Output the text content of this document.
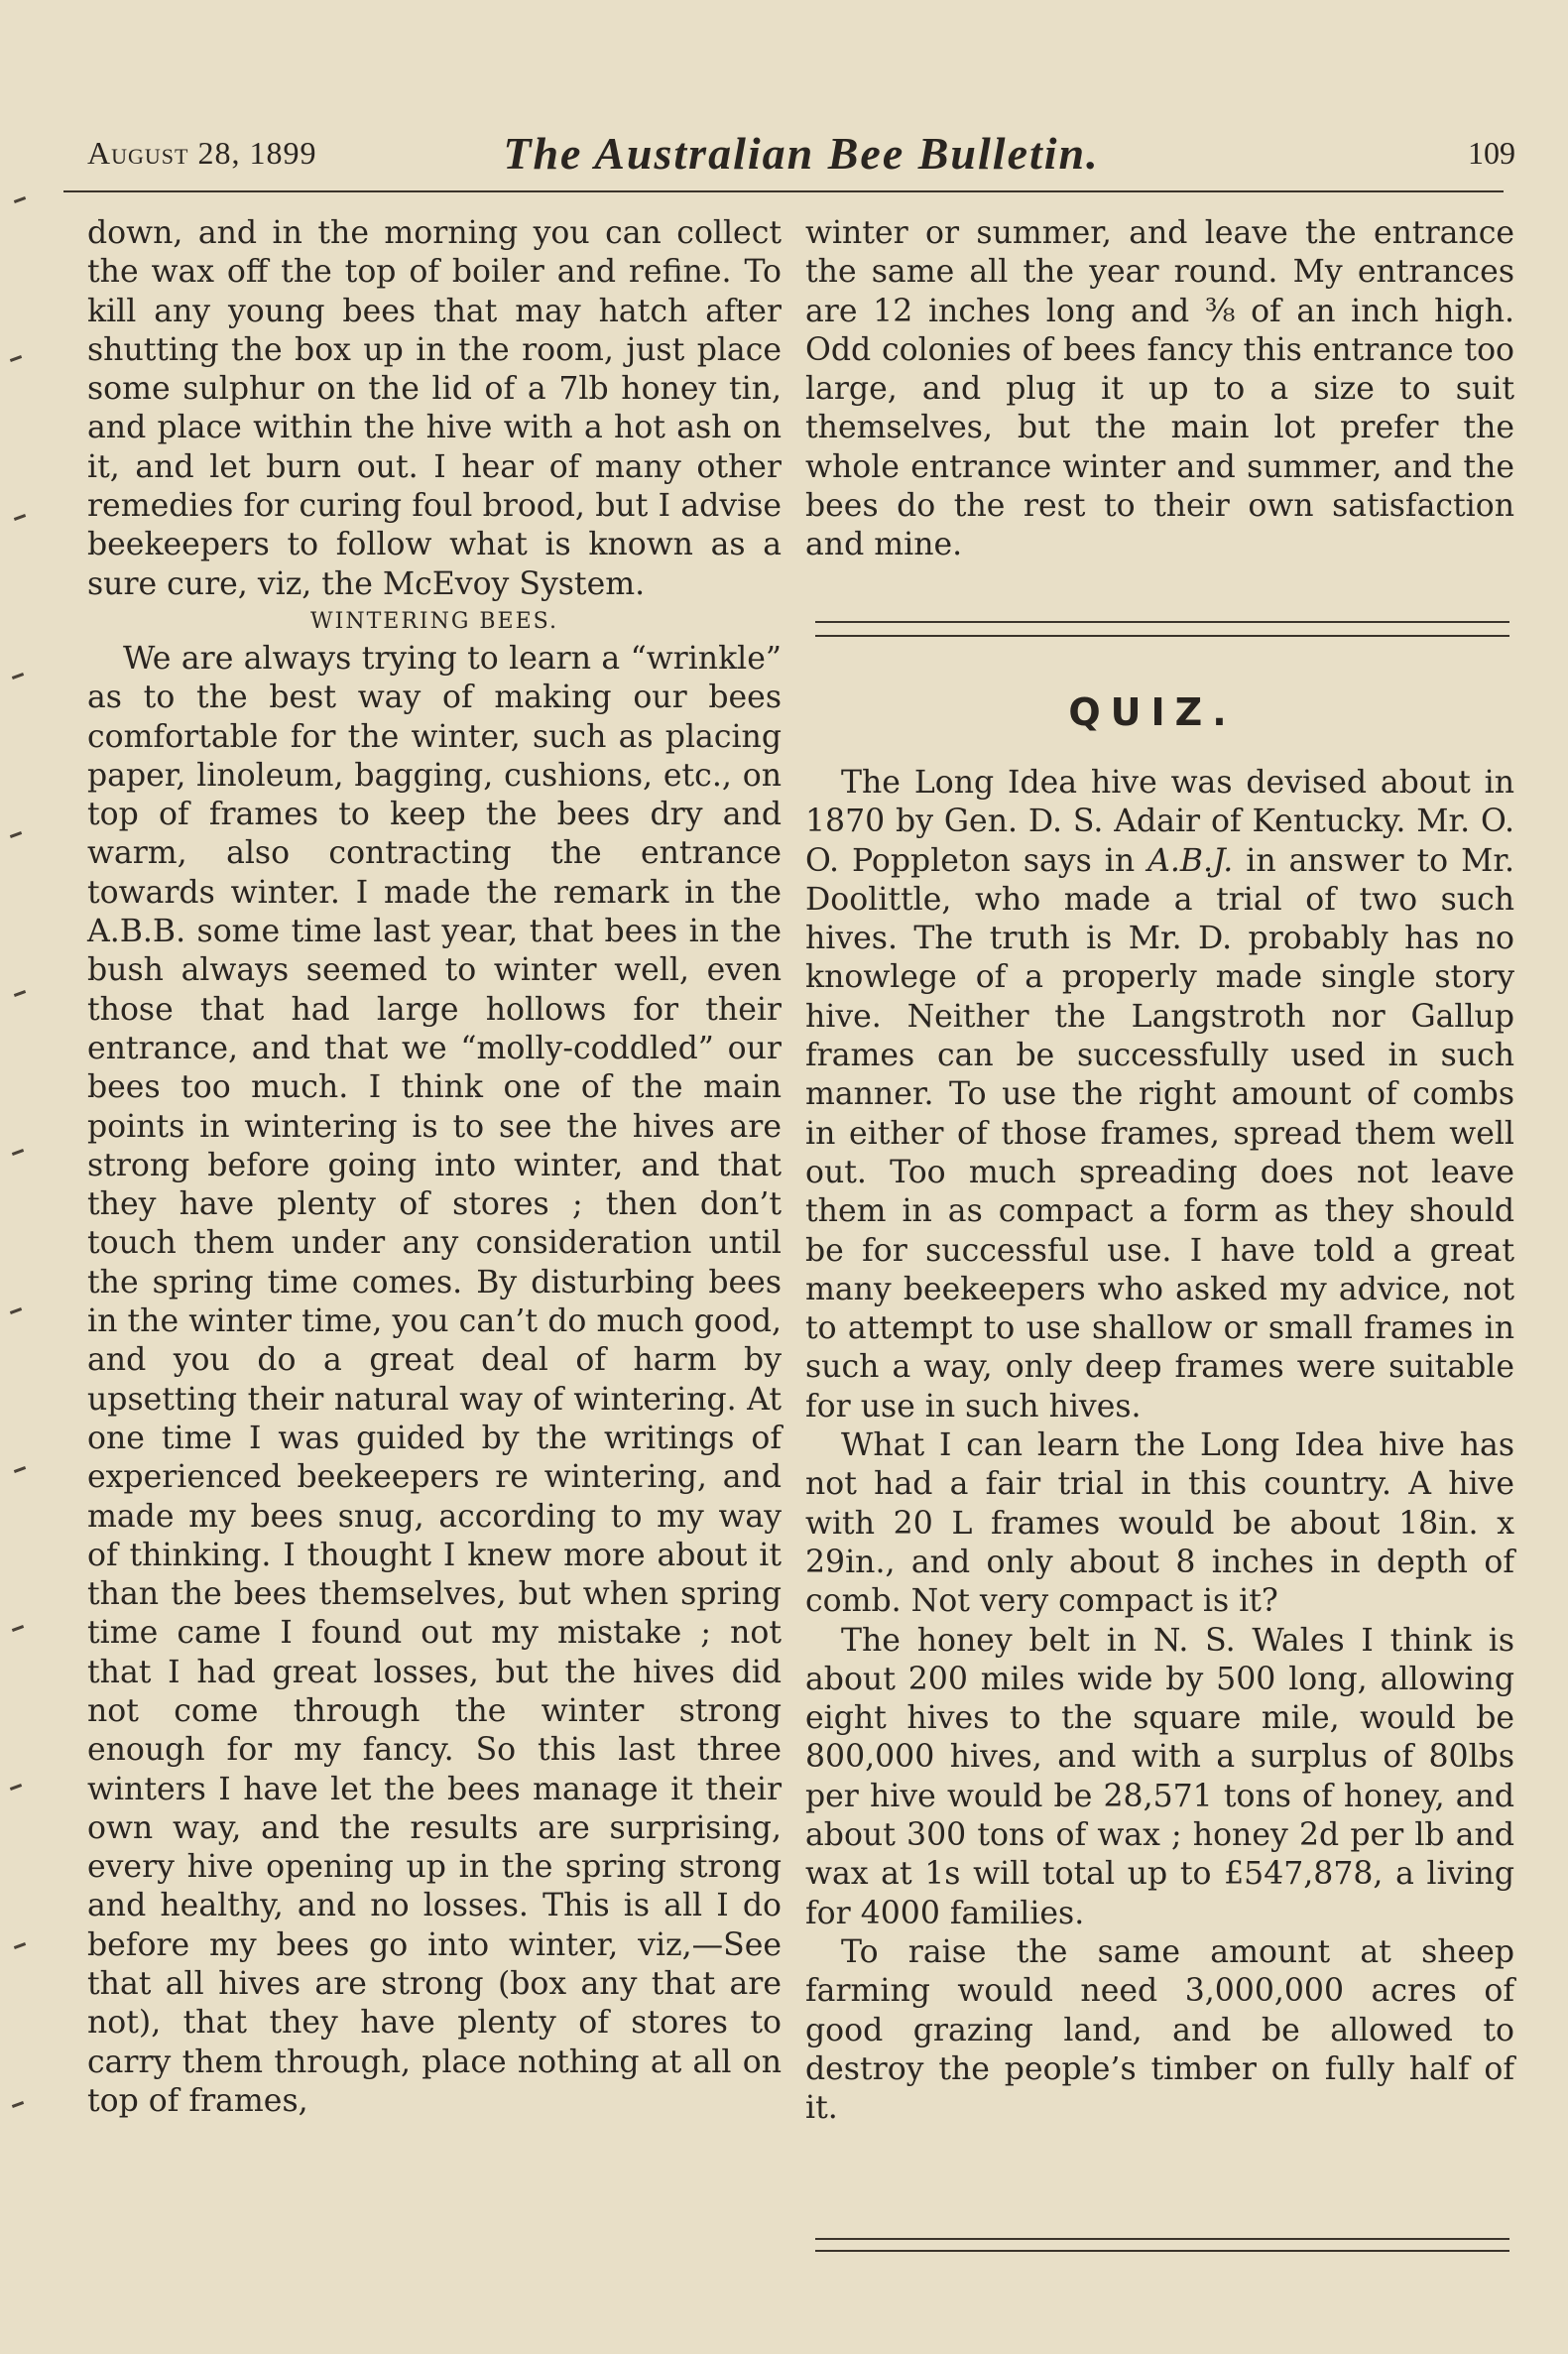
August 28, 1899	The Australian Bee Bulletin.	109

down, and in the morning you can collect the wax off the top of boiler and refine. To kill any young bees that may hatch after shutting the box up in the room, just place some sulphur on the lid of a 7lb honey tin, and place within the hive with a hot ash on it, and let burn out. I hear of many other remedies for curing foul brood, but I advise beekeepers to follow what is known as a sure cure, viz, the McEvoy System.

WINTERING BEES.

We are always trying to learn a “wrinkle” as to the best way of making our bees comfortable for the winter, such as placing paper, linoleum, bagging, cushions, etc., on top of frames to keep the bees dry and warm, also contracting the entrance towards winter. I made the remark in the A.B.B. some time last year, that bees in the bush always seemed to winter well, even those that had large hollows for their entrance, and that we “molly-coddled” our bees too much. I think one of the main points in wintering is to see the hives are strong before going into winter, and that they have plenty of stores ; then don’t touch them under any consideration until the spring time comes. By disturbing bees in the winter time, you can’t do much good, and you do a great deal of harm by upsetting their natural way of wintering. At one time I was guided by the writings of experienced beekeepers re wintering, and made my bees snug, according to my way of thinking. I thought I knew more about it than the bees themselves, but when spring time came I found out my mistake ; not that I had great losses, but the hives did not come through the winter strong enough for my fancy. So this last three winters I have let the bees manage it their own way, and the results are surprising, every hive opening up in the spring strong and healthy, and no losses. This is all I do before my bees go into winter, viz,—See that all hives are strong (box any that are not), that they have plenty of stores to carry them through, place nothing at all on top of frames,

winter or summer, and leave the entrance the same all the year round. My entrances are 12 inches long and ⅜ of an inch high. Odd colonies of bees fancy this entrance too large, and plug it up to a size to suit themselves, but the main lot prefer the whole entrance winter and summer, and the bees do the rest to their own satisfaction and mine.

QUIZ.

The Long Idea hive was devised about in 1870 by Gen. D. S. Adair of Kentucky. Mr. O. O. Poppleton says in A.B.J. in answer to Mr. Doolittle, who made a trial of two such hives. The truth is Mr. D. probably has no knowlege of a properly made single story hive. Neither the Langstroth nor Gallup frames can be successfully used in such manner. To use the right amount of combs in either of those frames, spread them well out. Too much spreading does not leave them in as compact a form as they should be for successful use. I have told a great many beekeepers who asked my advice, not to attempt to use shallow or small frames in such a way, only deep frames were suitable for use in such hives.

What I can learn the Long Idea hive has not had a fair trial in this country. A hive with 20 L frames would be about 18in. x 29in., and only about 8 inches in depth of comb. Not very compact is it?

The honey belt in N. S. Wales I think is about 200 miles wide by 500 long, allowing eight hives to the square mile, would be 800,000 hives, and with a surplus of 80lbs per hive would be 28,571 tons of honey, and about 300 tons of wax ; honey 2d per lb and wax at 1s will total up to £547,878, a living for 4000 families.

To raise the same amount at sheep farming would need 3,000,000 acres of good grazing land, and be allowed to destroy the people’s timber on fully half of it.
